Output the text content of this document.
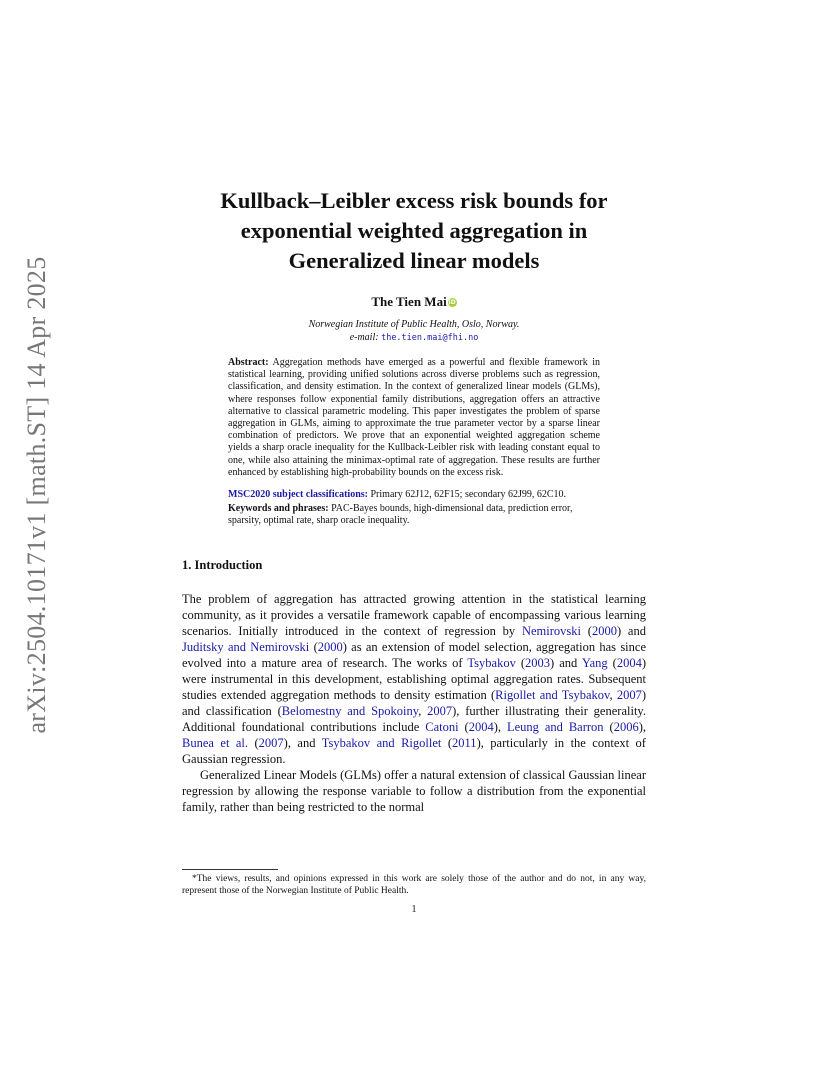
arXiv:2504.10171v1 [math.ST] 14 Apr 2025
Kullback–Leibler excess risk bounds for
exponential weighted aggregation in
Generalized linear models
The Tien Mai iD
Norwegian Institute of Public Health, Oslo, Norway.
e-mail: the.tien.mai@fhi.no
Abstract: Aggregation methods have emerged as a powerful and flexible framework in statistical learning, providing unified solutions across diverse problems such as regression, classification, and density estimation. In the context of generalized linear models (GLMs), where responses follow exponential family distributions, aggregation offers an attractive alternative to classical parametric modeling. This paper investigates the problem of sparse aggregation in GLMs, aiming to approximate the true parameter vector by a sparse linear combination of predictors. We prove that an exponential weighted aggregation scheme yields a sharp oracle inequality for the Kullback-Leibler risk with leading constant equal to one, while also attaining the minimax-optimal rate of aggregation. These results are further enhanced by establishing high-probability bounds on the excess risk.
MSC2020 subject classifications: Primary 62J12, 62F15; secondary 62J99, 62C10.
Keywords and phrases: PAC-Bayes bounds, high-dimensional data, prediction error, sparsity, optimal rate, sharp oracle inequality.
1. Introduction

The problem of aggregation has attracted growing attention in the statistical learning community, as it provides a versatile framework capable of encompassing various learning scenarios. Initially introduced in the context of regression by Nemirovski (2000) and Juditsky and Nemirovski (2000) as an extension of model selection, aggregation has since evolved into a mature area of research. The works of Tsybakov (2003) and Yang (2004) were instrumental in this development, establishing optimal aggregation rates. Subsequent studies extended aggregation methods to density estimation (Rigollet and Tsybakov, 2007) and classification (Belomestny and Spokoiny, 2007), further illustrating their generality. Additional foundational contributions include Catoni (2004), Leung and Barron (2006), Bunea et al. (2007), and Tsybakov and Rigollet (2011), particularly in the context of Gaussian regression.

Generalized Linear Models (GLMs) offer a natural extension of classical Gaussian linear regression by allowing the response variable to follow a distribution from the exponential family, rather than being restricted to the normal

*The views, results, and opinions expressed in this work are solely those of the author and do not, in any way, represent those of the Norwegian Institute of Public Health.

1
